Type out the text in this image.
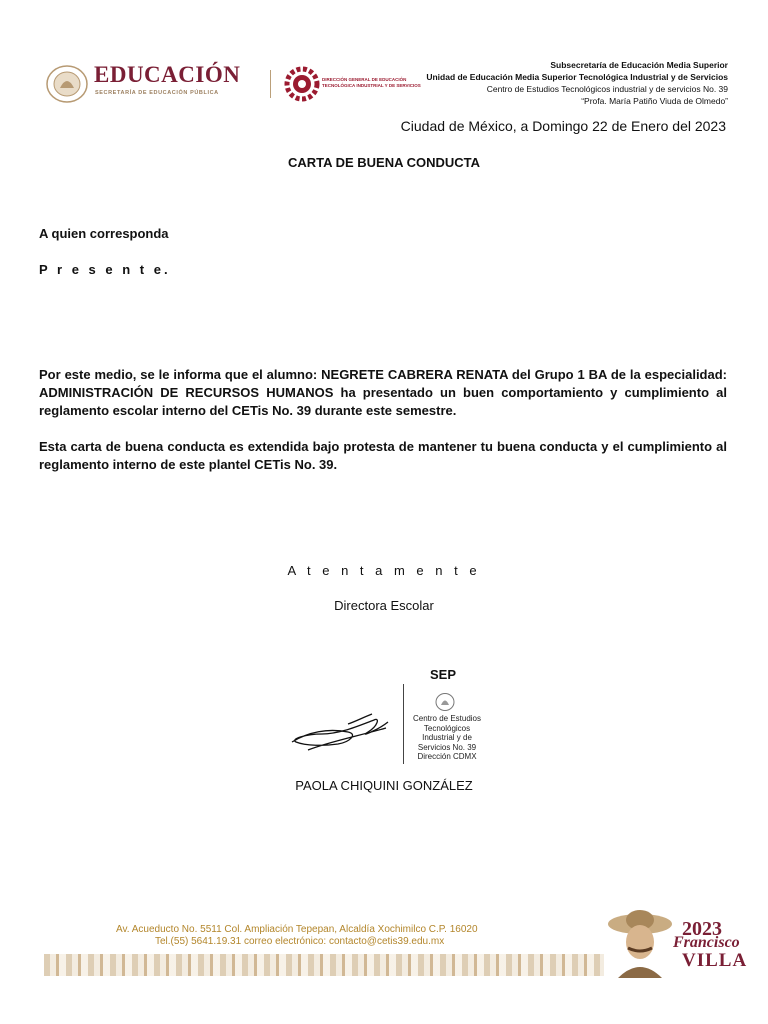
EDUCACIÓN
SECRETARÍA DE EDUCACIÓN PÚBLICA
DIRECCIÓN GENERAL DE EDUCACIÓN TECNOLÓGICA INDUSTRIAL Y DE SERVICIOS
Subsecretaría de Educación Media Superior
Unidad de Educación Media Superior Tecnológica Industrial y de Servicios
Centro de Estudios Tecnológicos industrial y de servicios No. 39
“Profa. María Patiño Viuda de Olmedo”
Ciudad de México, a Domingo 22 de Enero del 2023
CARTA DE BUENA CONDUCTA
A quien corresponda
P r e s e n t e.
Por este medio, se le informa que el alumno: NEGRETE CABRERA RENATA del Grupo 1 BA de la especialidad: ADMINISTRACIÓN DE RECURSOS HUMANOS ha presentado un buen comportamiento y cumplimiento al reglamento escolar interno del CETis No. 39 durante este semestre.
Esta carta de buena conducta es extendida bajo protesta de mantener tu buena conducta y el cumplimiento al reglamento interno de este plantel CETis No. 39.
A t e n t a m e n t e
Directora Escolar
SEP
Centro de Estudios
Tecnológicos
Industrial y de
Servicios No. 39
Dirección CDMX
PAOLA CHIQUINI GONZÁLEZ
Av. Acueducto No. 5511 Col. Ampliación Tepepan, Alcaldía Xochimilco C.P. 16020
Tel.(55) 5641.19.31 correo electrónico: contacto@cetis39.edu.mx
2023
Francisco
VILLA
